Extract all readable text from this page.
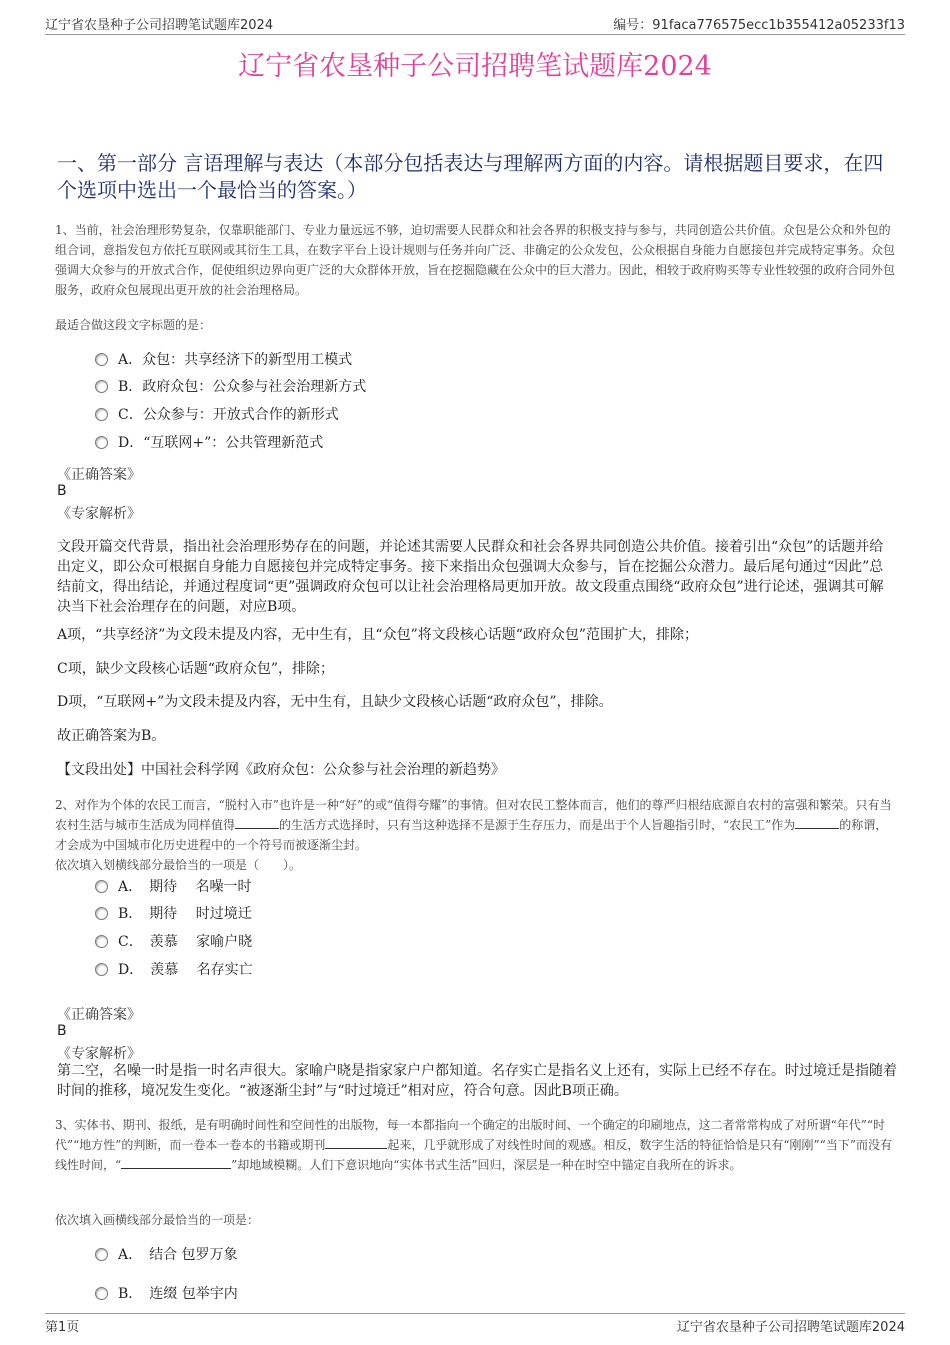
辽宁省农垦种子公司招聘笔试题库2024	编号：91faca776575ecc1b355412a05233f13
辽宁省农垦种子公司招聘笔试题库2024
一、第一部分 言语理解与表达（本部分包括表达与理解两方面的内容。请根据题目要求，在四个选项中选出一个最恰当的答案。）
1、当前，社会治理形势复杂，仅靠职能部门、专业力量远远不够，迫切需要人民群众和社会各界的积极支持与参与，共同创造公共价值。众包是公众和外包的组合词，意指发包方依托互联网或其衍生工具，在数字平台上设计规则与任务并向广泛、非确定的公众发包，公众根据自身能力自愿接包并完成特定事务。众包强调大众参与的开放式合作，促使组织边界向更广泛的大众群体开放，旨在挖掘隐藏在公众中的巨大潜力。因此，相较于政府购买等专业性较强的政府合同外包服务，政府众包展现出更开放的社会治理格局。
最适合做这段文字标题的是：
A．众包：共享经济下的新型用工模式
B．政府众包：公众参与社会治理新方式
C．公众参与：开放式合作的新形式
D．“互联网+”：公共管理新范式
《正确答案》
B
《专家解析》
文段开篇交代背景，指出社会治理形势存在的问题，并论述其需要人民群众和社会各界共同创造公共价值。接着引出“众包”的话题并给出定义，即公众可根据自身能力自愿接包并完成特定事务。接下来指出众包强调大众参与，旨在挖掘公众潜力。最后尾句通过“因此”总结前文，得出结论，并通过程度词“更”强调政府众包可以让社会治理格局更加开放。故文段重点围绕“政府众包”进行论述，强调其可解决当下社会治理存在的问题，对应B项。
A项，“共享经济”为文段未提及内容，无中生有，且“众包”将文段核心话题“政府众包”范围扩大，排除；
C项，缺少文段核心话题“政府众包”，排除；
D项，“互联网+”为文段未提及内容，无中生有，且缺少文段核心话题“政府众包”，排除。
故正确答案为B。
【文段出处】中国社会科学网《政府众包：公众参与社会治理的新趋势》
2、对作为个体的农民工而言，“脱村入市”也许是一种“好”的或“值得夸耀”的事情。但对农民工整体而言，他们的尊严归根结底源自农村的富强和繁荣。只有当农村生活与城市生活成为同样值得	的生活方式选择时，只有当这种选择不是源于生存压力，而是出于个人旨趣指引时，“农民工”作为	的称谓，才会成为中国城市化历史进程中的一个符号而被逐渐尘封。
依次填入划横线部分最恰当的一项是（　　）。
A．　期待　 名噪一时
B．　期待　 时过境迁
C．　羡慕　 家喻户晓
D．　羡慕　 名存实亡
《正确答案》
B
《专家解析》
第二空，名噪一时是指一时名声很大。家喻户晓是指家家户户都知道。名存实亡是指名义上还有，实际上已经不存在。时过境迁是指随着时间的推移，境况发生变化。“被逐渐尘封”与“时过境迁”相对应，符合句意。因此B项正确。
3、实体书、期刊、报纸，是有明确时间性和空间性的出版物，每一本都指向一个确定的出版时间、一个确定的印刷地点，这二者常常构成了对所谓“年代”“时代”“地方性”的判断，而一卷本一卷本的书籍或期刊	起来，几乎就形成了对线性时间的观感。相反，数字生活的特征恰恰是只有“刚刚”“当下”而没有线性时间，“	”却地域模糊。人们下意识地向“实体书式生活”回归，深层是一种在时空中锚定自我所在的诉求。
依次填入画横线部分最恰当的一项是：
A．　结合 包罗万象
B．　连缀 包举宇内
第1页	辽宁省农垦种子公司招聘笔试题库2024
